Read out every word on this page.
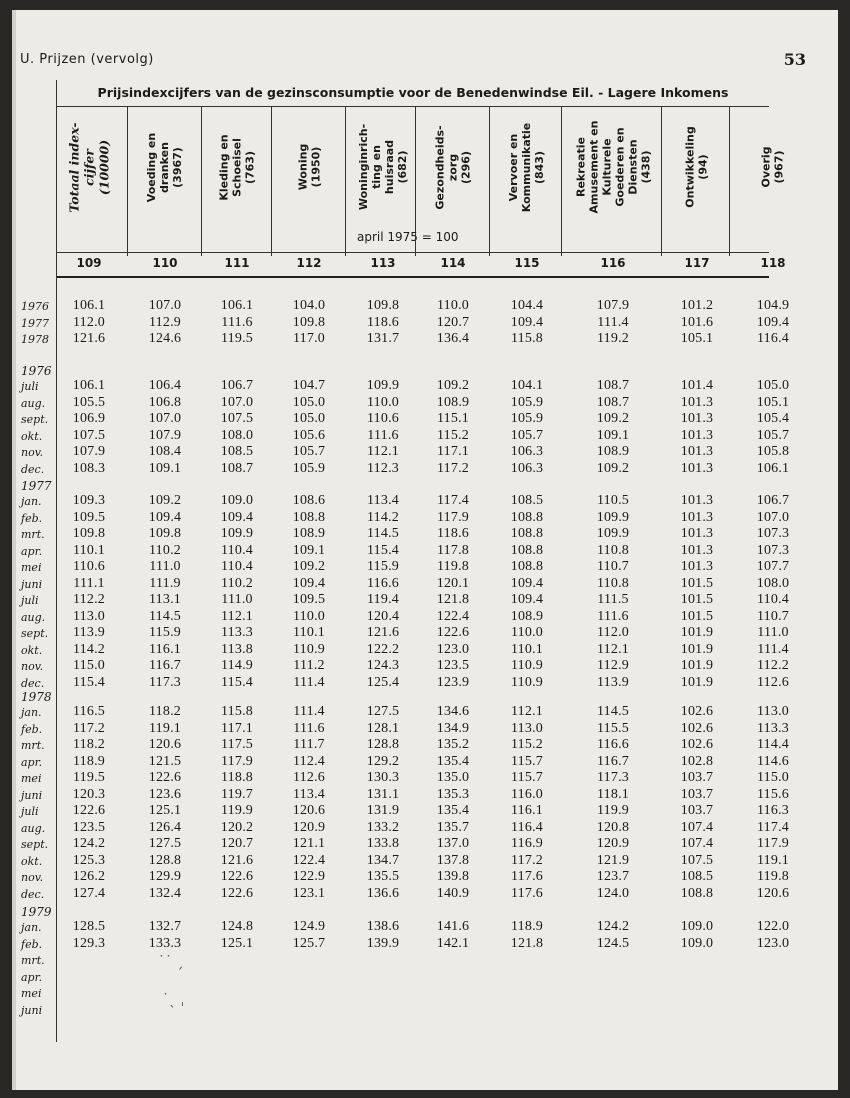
U. Prijzen (vervolg)	53
Prijsindexcijfers van de gezinsconsumptie voor de Benedenwindse Eil. - Lagere Inkomens
april 1975 = 100
Totaal index-
cijfer
(10000)
109
Voeding en
dranken
(3967)
110
Kleding en
Schoeisel
(763)
111
Woning
(1950)
112
Woninginrich-
ting en
huisraad
(682)
113
Gezondheids-
zorg
(296)
114
Vervoer en
Kommunikatie
(843)
115
Rekreatie
Amusement en
Kulturele
Goederen en
Diensten
(438)
116
Ontwikkeling
(94)
117
Overig
(967)
118
1976	106.1	107.0	106.1	104.0	109.8	110.0	104.4	107.9	101.2	104.9
1977	112.0	112.9	111.6	109.8	118.6	120.7	109.4	111.4	101.6	109.4
1978	121.6	124.6	119.5	117.0	131.7	136.4	115.8	119.2	105.1	116.4
1976
juli	106.1	106.4	106.7	104.7	109.9	109.2	104.1	108.7	101.4	105.0
aug.	105.5	106.8	107.0	105.0	110.0	108.9	105.9	108.7	101.3	105.1
sept.	106.9	107.0	107.5	105.0	110.6	115.1	105.9	109.2	101.3	105.4
okt.	107.5	107.9	108.0	105.6	111.6	115.2	105.7	109.1	101.3	105.7
nov.	107.9	108.4	108.5	105.7	112.1	117.1	106.3	108.9	101.3	105.8
dec.	108.3	109.1	108.7	105.9	112.3	117.2	106.3	109.2	101.3	106.1
1977
jan.	109.3	109.2	109.0	108.6	113.4	117.4	108.5	110.5	101.3	106.7
feb.	109.5	109.4	109.4	108.8	114.2	117.9	108.8	109.9	101.3	107.0
mrt.	109.8	109.8	109.9	108.9	114.5	118.6	108.8	109.9	101.3	107.3
apr.	110.1	110.2	110.4	109.1	115.4	117.8	108.8	110.8	101.3	107.3
mei	110.6	111.0	110.4	109.2	115.9	119.8	108.8	110.7	101.3	107.7
juni	111.1	111.9	110.2	109.4	116.6	120.1	109.4	110.8	101.5	108.0
juli	112.2	113.1	111.0	109.5	119.4	121.8	109.4	111.5	101.5	110.4
aug.	113.0	114.5	112.1	110.0	120.4	122.4	108.9	111.6	101.5	110.7
sept.	113.9	115.9	113.3	110.1	121.6	122.6	110.0	112.0	101.9	111.0
okt.	114.2	116.1	113.8	110.9	122.2	123.0	110.1	112.1	101.9	111.4
nov.	115.0	116.7	114.9	111.2	124.3	123.5	110.9	112.9	101.9	112.2
dec.	115.4	117.3	115.4	111.4	125.4	123.9	110.9	113.9	101.9	112.6
1978
jan.	116.5	118.2	115.8	111.4	127.5	134.6	112.1	114.5	102.6	113.0
feb.	117.2	119.1	117.1	111.6	128.1	134.9	113.0	115.5	102.6	113.3
mrt.	118.2	120.6	117.5	111.7	128.8	135.2	115.2	116.6	102.6	114.4
apr.	118.9	121.5	117.9	112.4	129.2	135.4	115.7	116.7	102.8	114.6
mei	119.5	122.6	118.8	112.6	130.3	135.0	115.7	117.3	103.7	115.0
juni	120.3	123.6	119.7	113.4	131.1	135.3	116.0	118.1	103.7	115.6
juli	122.6	125.1	119.9	120.6	131.9	135.4	116.1	119.9	103.7	116.3
aug.	123.5	126.4	120.2	120.9	133.2	135.7	116.4	120.8	107.4	117.4
sept.	124.2	127.5	120.7	121.1	133.8	137.0	116.9	120.9	107.4	117.9
okt.	125.3	128.8	121.6	122.4	134.7	137.8	117.2	121.9	107.5	119.1
nov.	126.2	129.9	122.6	122.9	135.5	139.8	117.6	123.7	108.5	119.8
dec.	127.4	132.4	122.6	123.1	136.6	140.9	117.6	124.0	108.8	120.6
1979
jan.	128.5	132.7	124.8	124.9	138.6	141.6	118.9	124.2	109.0	122.0
feb.	129.3	133.3	125.1	125.7	139.9	142.1	121.8	124.5	109.0	123.0
mrt.
apr.
mei
juni
˙˙ ˏ
˙ˎ ˌ
